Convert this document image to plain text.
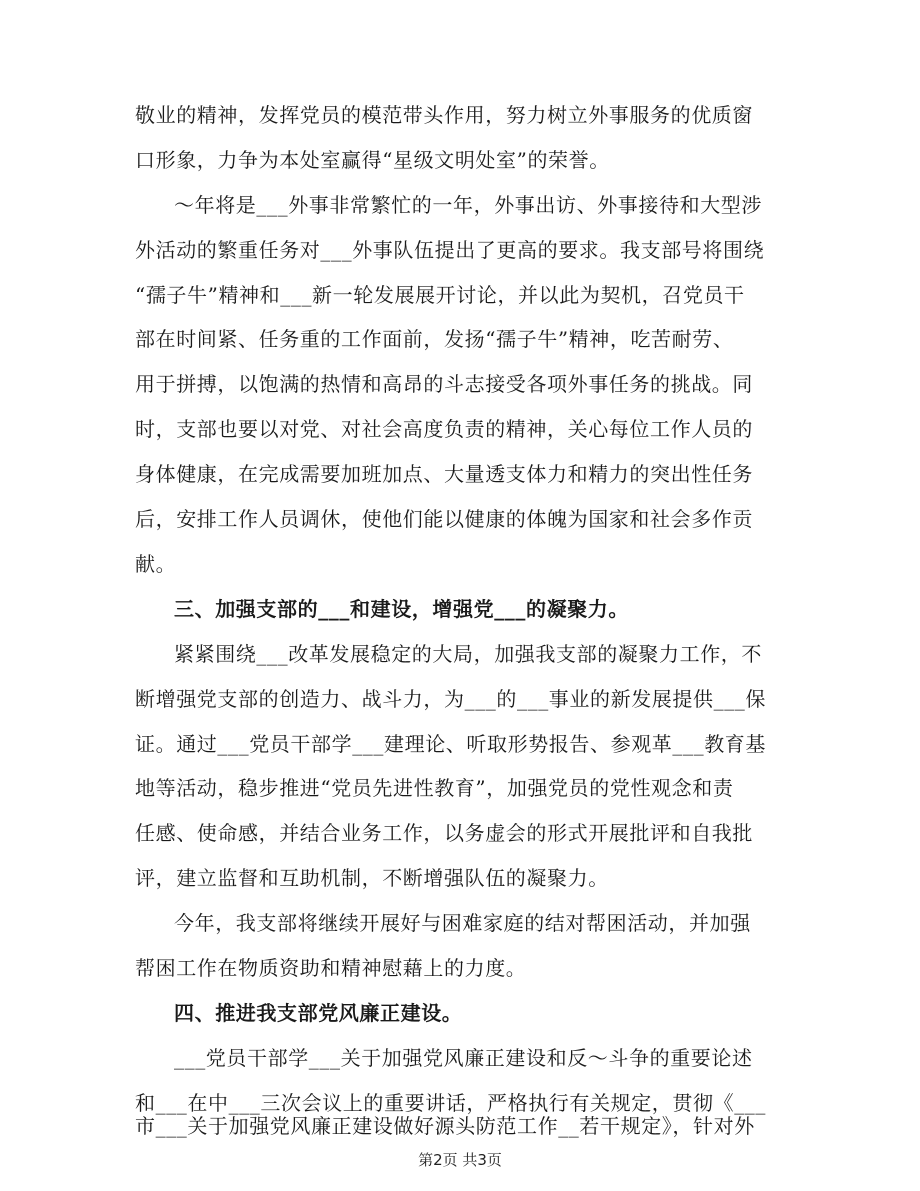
敬业的精神，发挥党员的模范带头作用，努力树立外事服务的优质窗
口形象，力争为本处室赢得“星级文明处室”的荣誉。
～年将是___外事非常繁忙的一年，外事出访、外事接待和大型涉
外活动的繁重任务对___外事队伍提出了更高的要求。我支部号将围绕
“孺子牛”精神和___新一轮发展展开讨论，并以此为契机，召党员干
部在时间紧、任务重的工作面前，发扬“孺子牛”精神，吃苦耐劳、
用于拼搏，以饱满的热情和高昂的斗志接受各项外事任务的挑战。同
时，支部也要以对党、对社会高度负责的精神，关心每位工作人员的
身体健康，在完成需要加班加点、大量透支体力和精力的突出性任务
后，安排工作人员调休，使他们能以健康的体魄为国家和社会多作贡
献。
三、加强支部的___和建设，增强党___的凝聚力。
紧紧围绕___改革发展稳定的大局，加强我支部的凝聚力工作，不
断增强党支部的创造力、战斗力，为___的___事业的新发展提供___保
证。通过___党员干部学___建理论、听取形势报告、参观革___教育基
地等活动，稳步推进“党员先进性教育”，加强党员的党性观念和责
任感、使命感，并结合业务工作，以务虚会的形式开展批评和自我批
评，建立监督和互助机制，不断增强队伍的凝聚力。
今年，我支部将继续开展好与困难家庭的结对帮困活动，并加强
帮困工作在物质资助和精神慰藉上的力度。
四、推进我支部党风廉正建设。
___党员干部学___关于加强党风廉正建设和反～斗争的重要论述
和___在中___三次会议上的重要讲话，严格执行有关规定，贯彻《___
市___关于加强党风廉正建设做好源头防范工作__若干规定》，针对外
第2页 共3页
